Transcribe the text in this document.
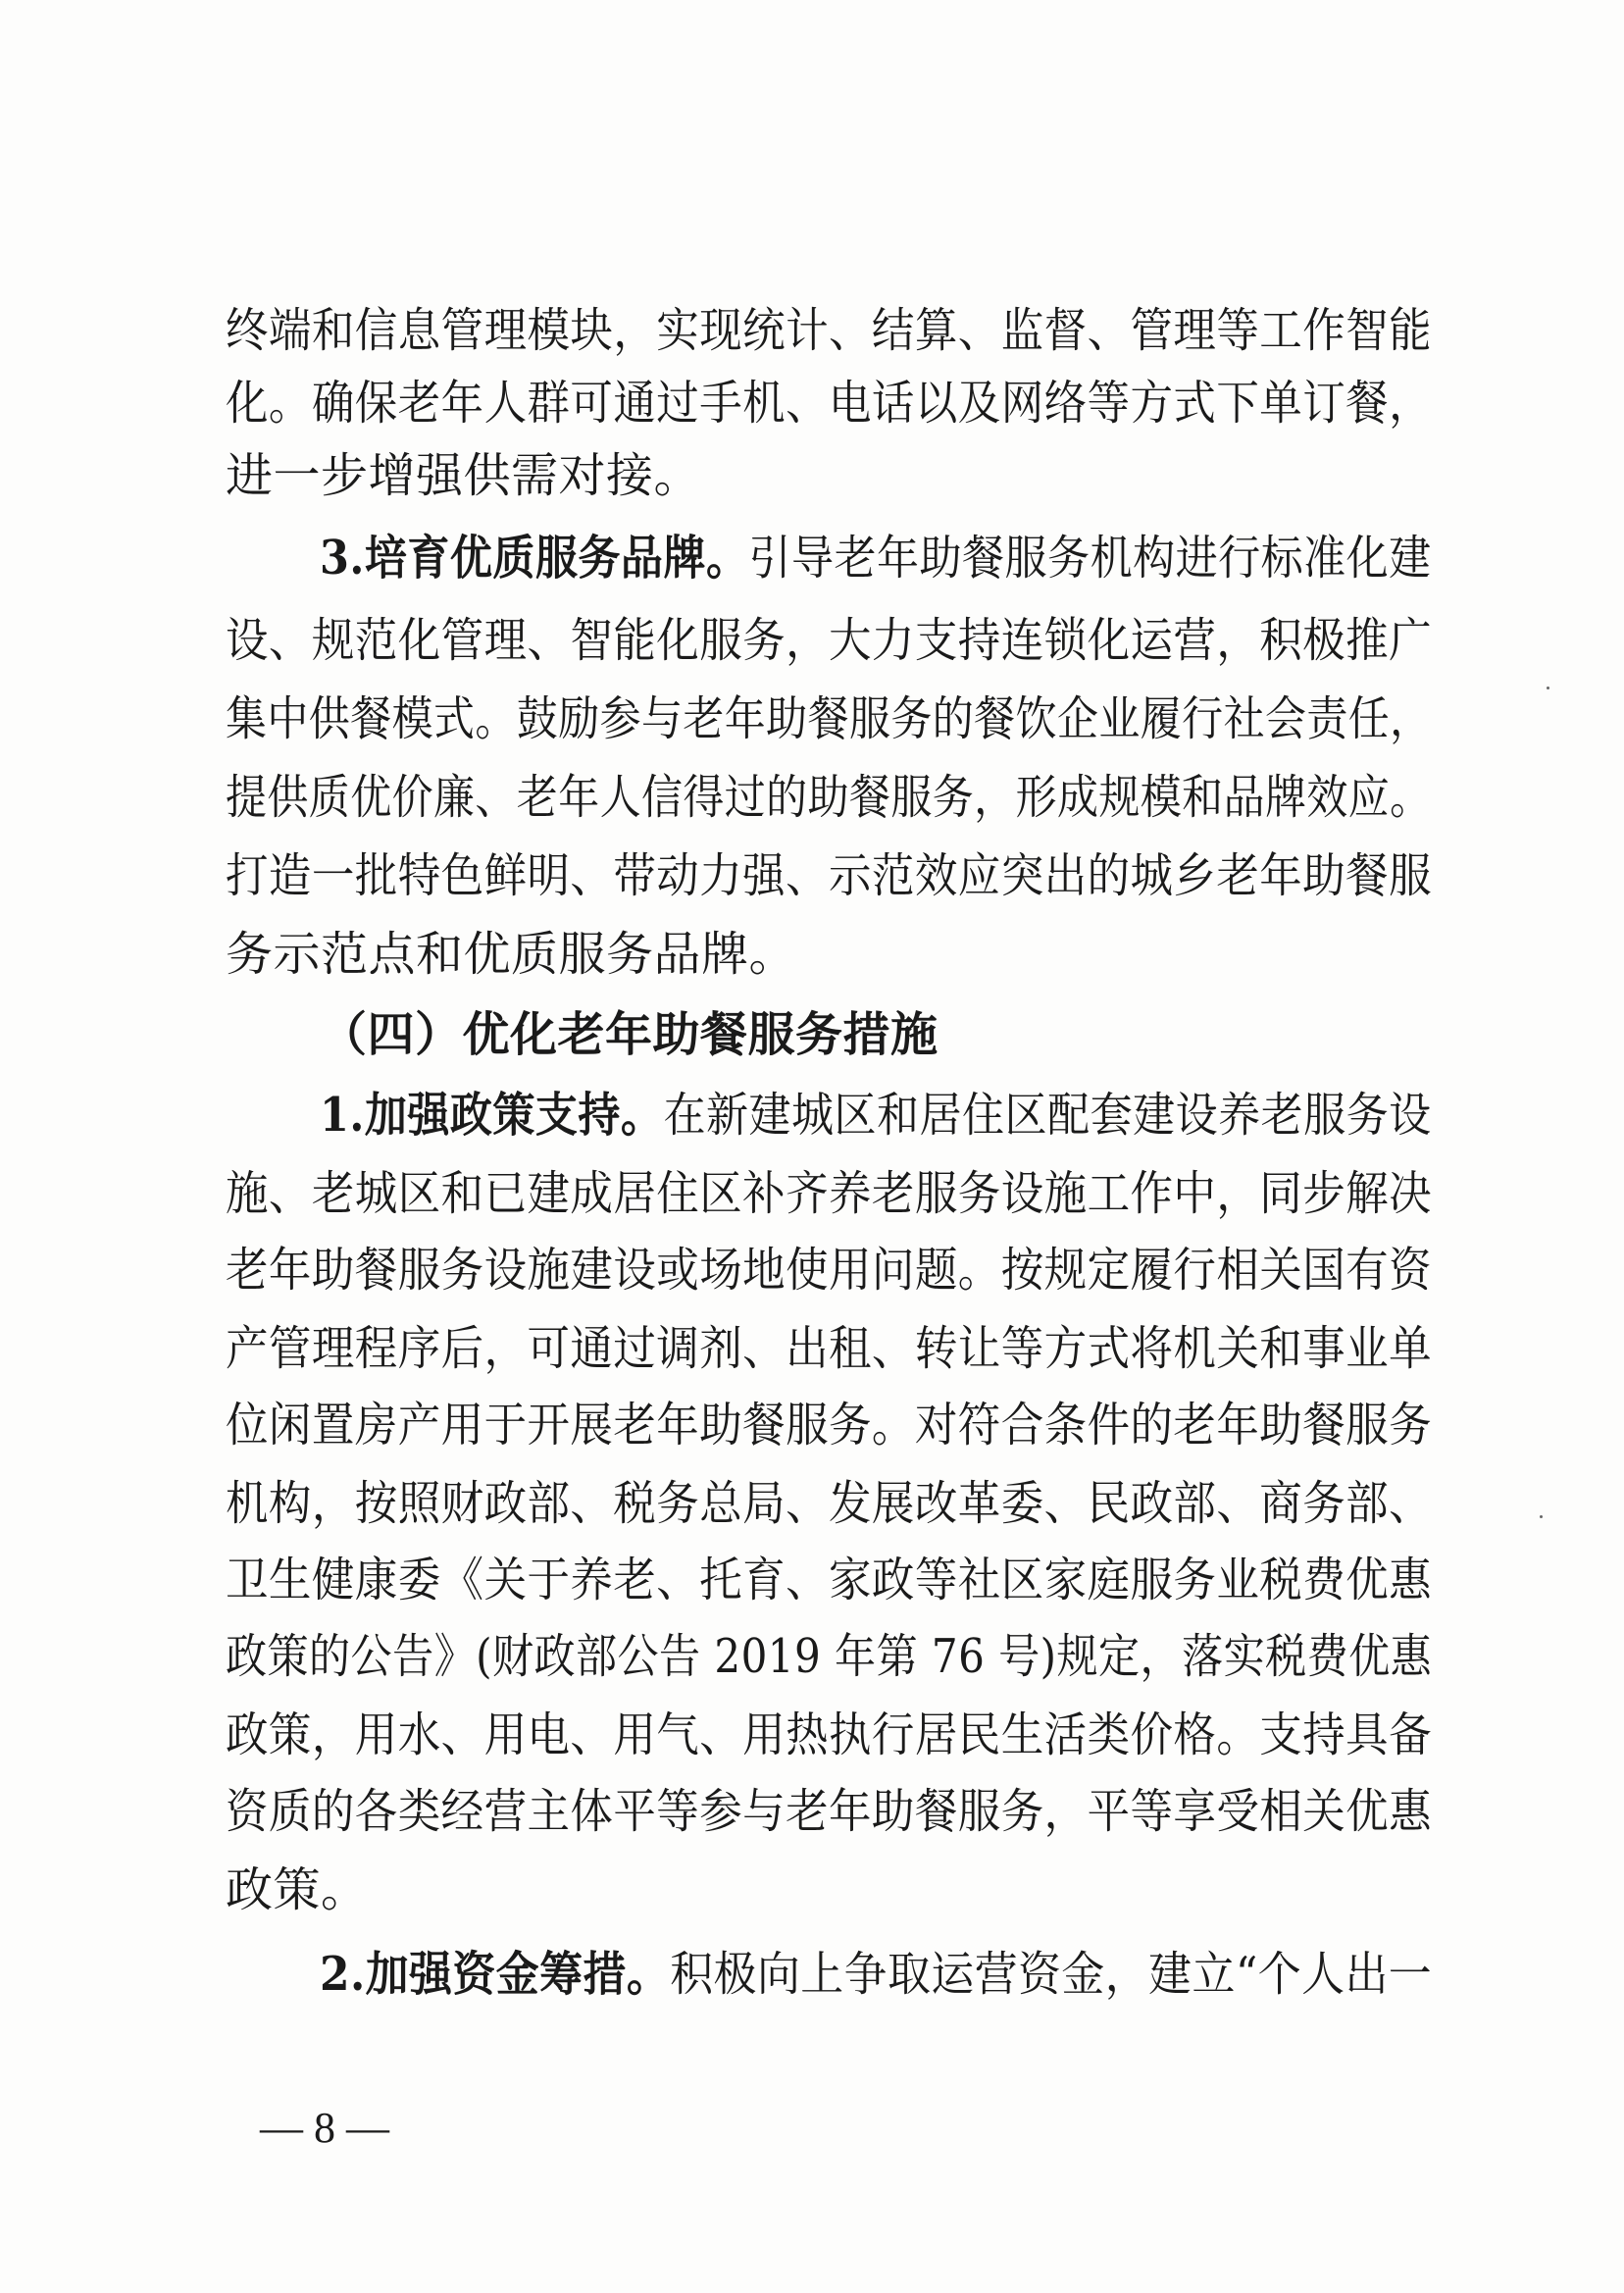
终端和信息管理模块，实现统计、结算、监督、管理等工作智能
化。确保老年人群可通过手机、电话以及网络等方式下单订餐，
进一步增强供需对接。
3.培育优质服务品牌。引导老年助餐服务机构进行标准化建
设、规范化管理、智能化服务，大力支持连锁化运营，积极推广
集中供餐模式。鼓励参与老年助餐服务的餐饮企业履行社会责任，
提供质优价廉、老年人信得过的助餐服务，形成规模和品牌效应。
打造一批特色鲜明、带动力强、示范效应突出的城乡老年助餐服
务示范点和优质服务品牌。
（四）优化老年助餐服务措施
1.加强政策支持。在新建城区和居住区配套建设养老服务设
施、老城区和已建成居住区补齐养老服务设施工作中，同步解决
老年助餐服务设施建设或场地使用问题。按规定履行相关国有资
产管理程序后，可通过调剂、出租、转让等方式将机关和事业单
位闲置房产用于开展老年助餐服务。对符合条件的老年助餐服务
机构，按照财政部、税务总局、发展改革委、民政部、商务部、
卫生健康委《关于养老、托育、家政等社区家庭服务业税费优惠
政策的公告》(财政部公告 2019 年第 76 号)规定，落实税费优惠
政策，用水、用电、用气、用热执行居民生活类价格。支持具备
资质的各类经营主体平等参与老年助餐服务，平等享受相关优惠
政策。
2.加强资金筹措。积极向上争取运营资金，建立“个人出一
— 8 —
